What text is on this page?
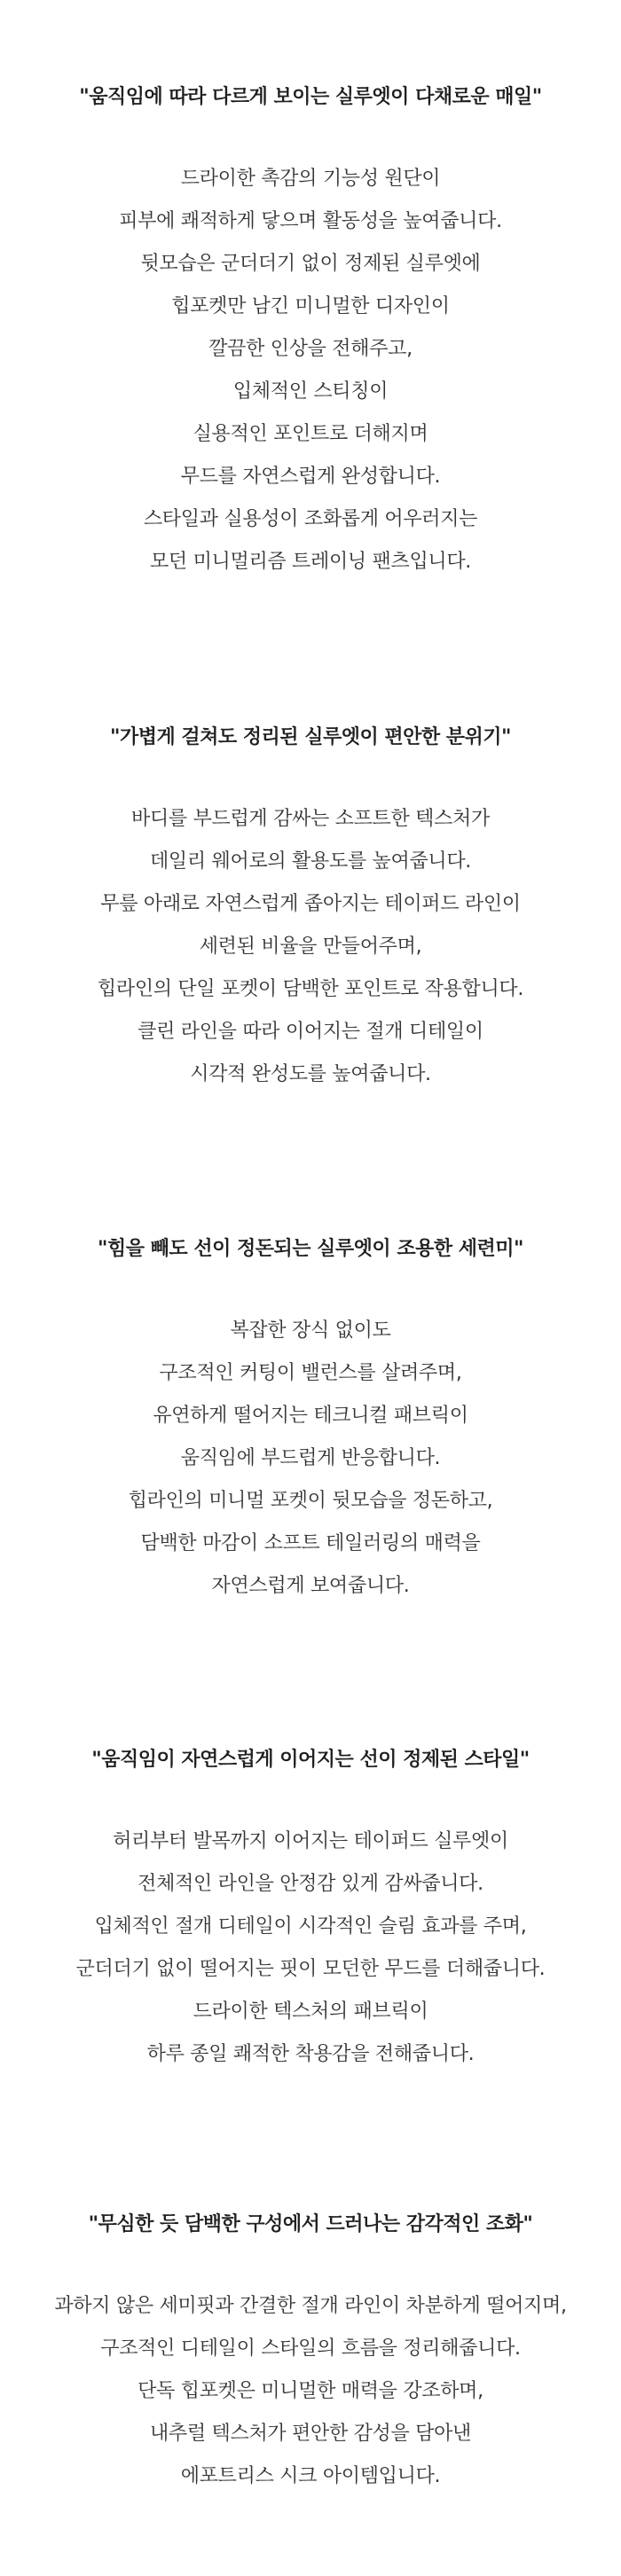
"움직임에 따라 다르게 보이는 실루엣이 다채로운 매일"
드라이한 촉감의 기능성 원단이
피부에 쾌적하게 닿으며 활동성을 높여줍니다.
뒷모습은 군더더기 없이 정제된 실루엣에
힙포켓만 남긴 미니멀한 디자인이
깔끔한 인상을 전해주고,
입체적인 스티칭이
실용적인 포인트로 더해지며
무드를 자연스럽게 완성합니다.
스타일과 실용성이 조화롭게 어우러지는
모던 미니멀리즘 트레이닝 팬츠입니다.
"가볍게 걸쳐도 정리된 실루엣이 편안한 분위기"
바디를 부드럽게 감싸는 소프트한 텍스처가
데일리 웨어로의 활용도를 높여줍니다.
무릎 아래로 자연스럽게 좁아지는 테이퍼드 라인이
세련된 비율을 만들어주며,
힙라인의 단일 포켓이 담백한 포인트로 작용합니다.
클린 라인을 따라 이어지는 절개 디테일이
시각적 완성도를 높여줍니다.
"힘을 빼도 선이 정돈되는 실루엣이 조용한 세련미"
복잡한 장식 없이도
구조적인 커팅이 밸런스를 살려주며,
유연하게 떨어지는 테크니컬 패브릭이
움직임에 부드럽게 반응합니다.
힙라인의 미니멀 포켓이 뒷모습을 정돈하고,
담백한 마감이 소프트 테일러링의 매력을
자연스럽게 보여줍니다.
"움직임이 자연스럽게 이어지는 선이 정제된 스타일"
허리부터 발목까지 이어지는 테이퍼드 실루엣이
전체적인 라인을 안정감 있게 감싸줍니다.
입체적인 절개 디테일이 시각적인 슬림 효과를 주며,
군더더기 없이 떨어지는 핏이 모던한 무드를 더해줍니다.
드라이한 텍스처의 패브릭이
하루 종일 쾌적한 착용감을 전해줍니다.
"무심한 듯 담백한 구성에서 드러나는 감각적인 조화"
과하지 않은 세미핏과 간결한 절개 라인이 차분하게 떨어지며,
구조적인 디테일이 스타일의 흐름을 정리해줍니다.
단독 힙포켓은 미니멀한 매력을 강조하며,
내추럴 텍스처가 편안한 감성을 담아낸
에포트리스 시크 아이템입니다.
